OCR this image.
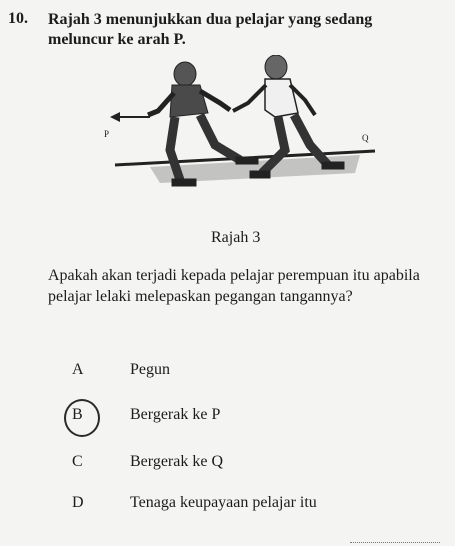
10. Rajah 3 menunjukkan dua pelajar yang sedang meluncur ke arah P.
P	Q
Rajah 3
Apakah akan terjadi kepada pelajar perempuan itu apabila pelajar lelaki melepaskan pegangan tangannya?
A	Pegun
B	Bergerak ke P
C	Bergerak ke Q
D	Tenaga keupayaan pelajar itu
